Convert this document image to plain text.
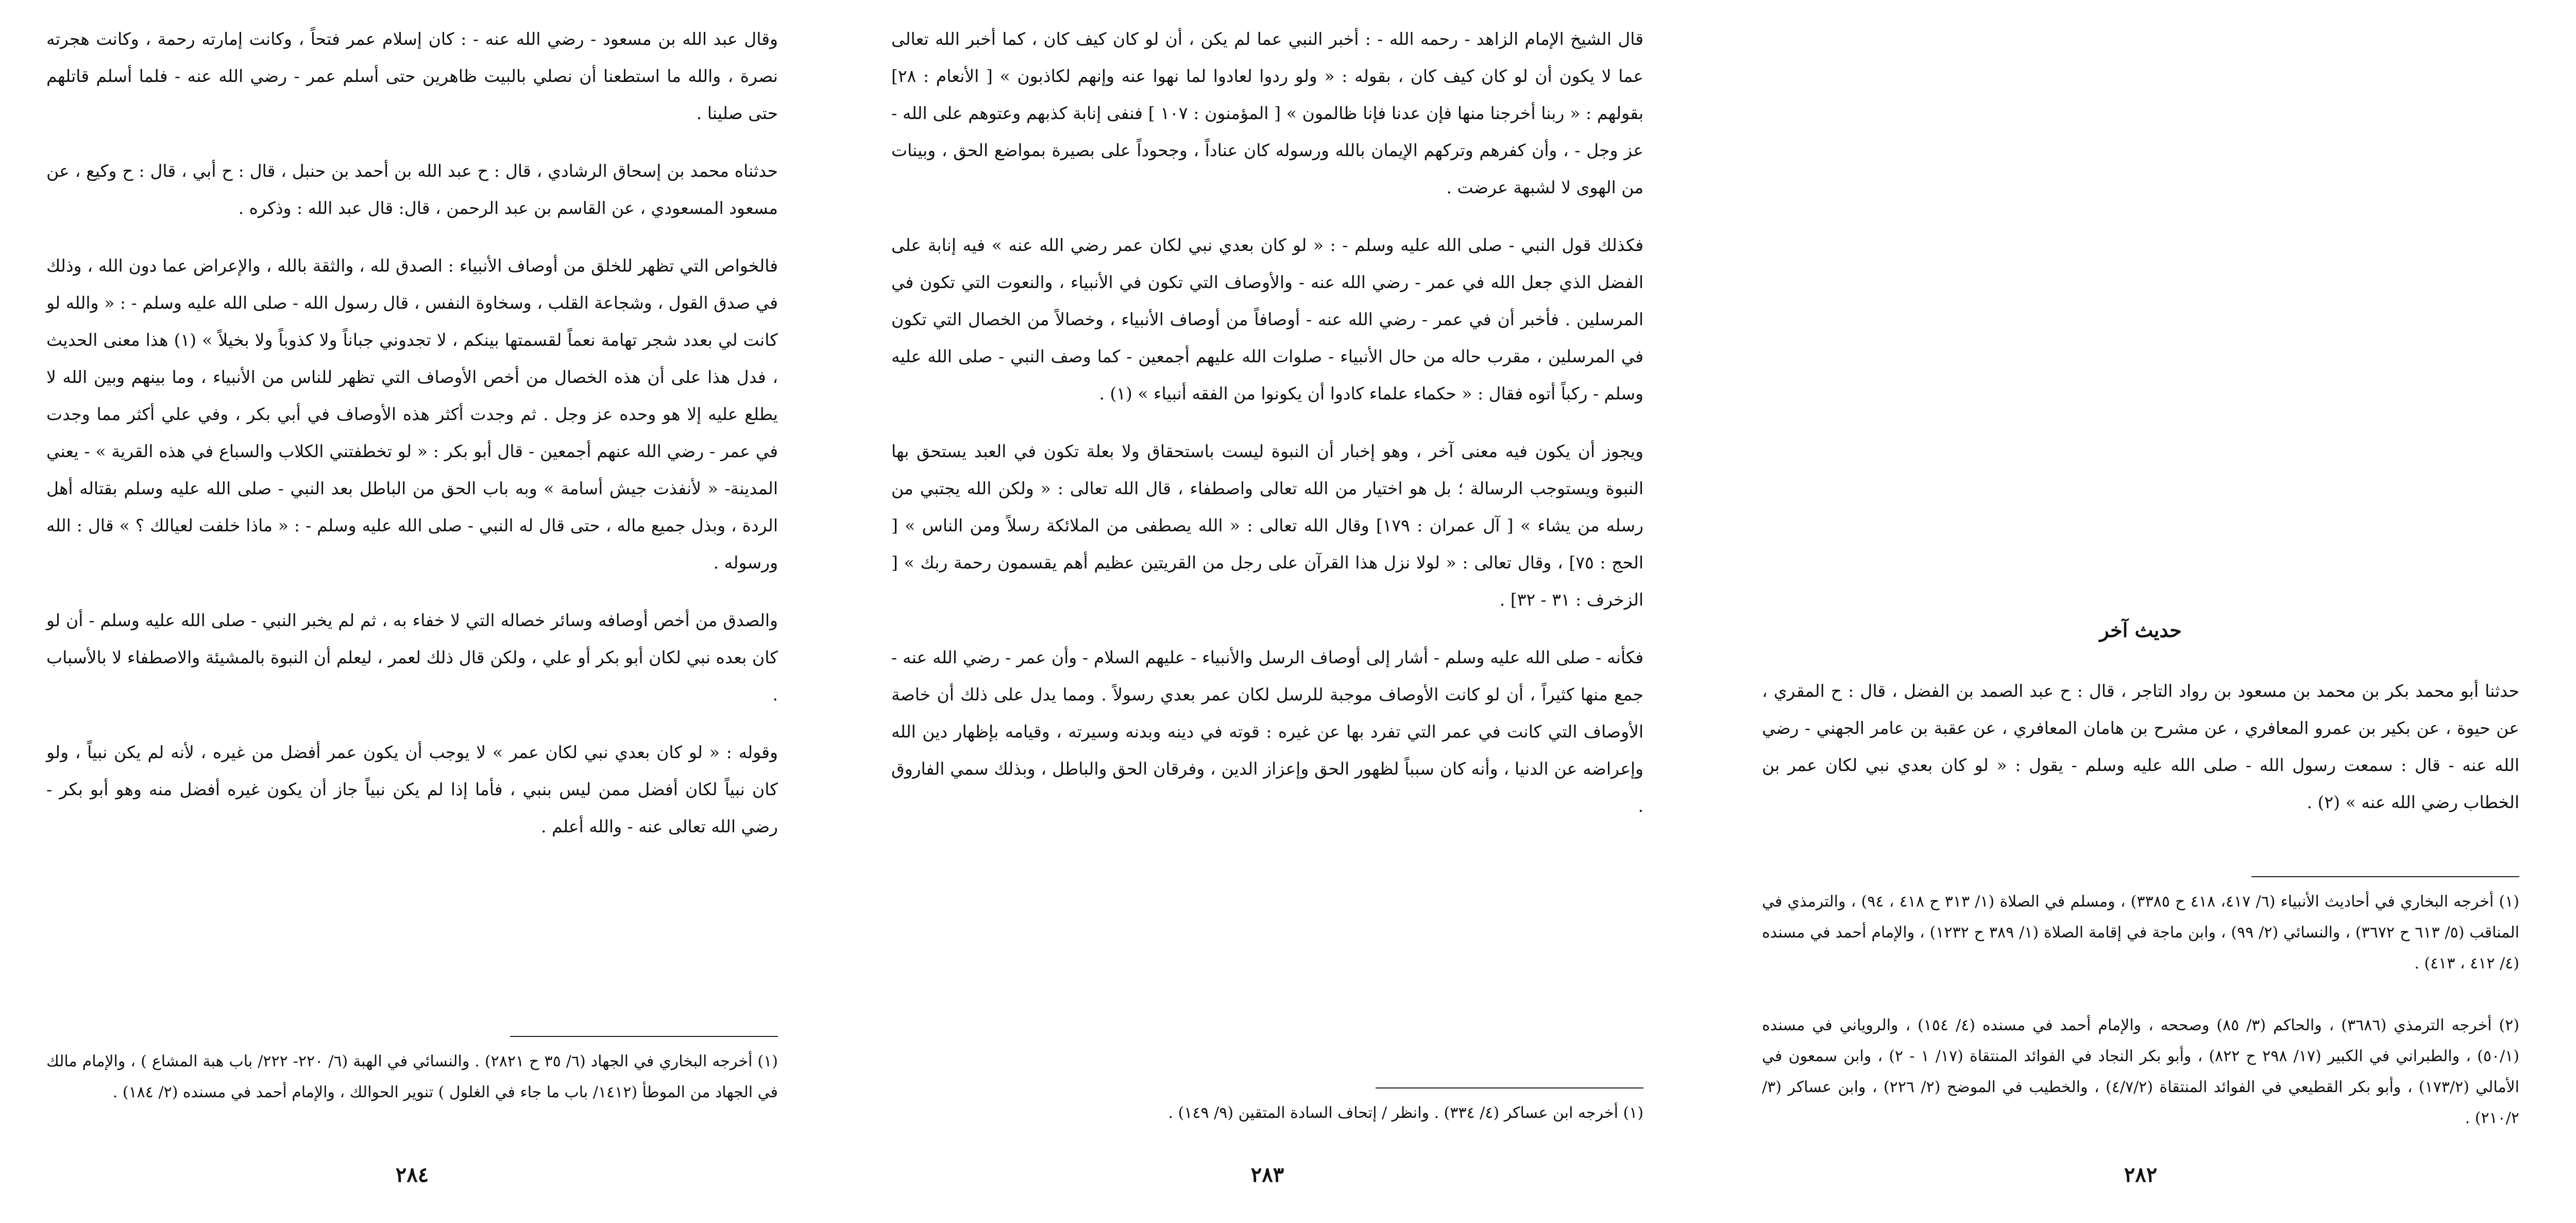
وقال عبد الله بن مسعود - رضي الله عنه - : كان إسلام عمر فتحاً ، وكانت إمارته رحمة ، وكانت هجرته نصرة ، والله ما استطعنا أن نصلي بالبيت ظاهرين حتى أسلم عمر - رضي الله عنه - فلما أسلم قاتلهم حتى صلينا .

حدثناه محمد بن إسحاق الرشادي ، قال : ح عبد الله بن أحمد بن حنبل ، قال : ح أبي ، قال : ح وكيع ، عن مسعود المسعودي ، عن القاسم بن عبد الرحمن ، قال: قال عبد الله : وذكره .

فالخواص التي تظهر للخلق من أوصاف الأنبياء : الصدق لله ، والثقة بالله ، والإعراض عما دون الله ، وذلك في صدق القول ، وشجاعة القلب ، وسخاوة النفس ، قال رسول الله - صلى الله عليه وسلم - : « والله لو كانت لي بعدد شجر تهامة نعماً لقسمتها بينكم ، لا تجدوني جباناً ولا كذوباً ولا بخيلاً » (١) هذا معنى الحديث ، فدل هذا على أن هذه الخصال من أخص الأوصاف التي تظهر للناس من الأنبياء ، وما بينهم وبين الله لا يطلع عليه إلا هو وحده عز وجل . ثم وجدت أكثر هذه الأوصاف في أبي بكر ، وفي علي أكثر مما وجدت في عمر - رضي الله عنهم أجمعين - قال أبو بكر : « لو تخطفتني الكلاب والسباع في هذه القرية » - يعني المدينة- « لأنفذت جيش أسامة » وبه باب الحق من الباطل بعد النبي - صلى الله عليه وسلم بقتاله أهل الردة ، وبذل جميع ماله ، حتى قال له النبي - صلى الله عليه وسلم - : « ماذا خلفت لعيالك ؟ » قال : الله ورسوله .

والصدق من أخص أوصافه وسائر خصاله التي لا خفاء به ، ثم لم يخبر النبي - صلى الله عليه وسلم - أن لو كان بعده نبي لكان أبو بكر أو علي ، ولكن قال ذلك لعمر ، ليعلم أن النبوة بالمشيئة والاصطفاء لا بالأسباب .

وقوله : « لو كان بعدي نبي لكان عمر » لا يوجب أن يكون عمر أفضل من غيره ، لأنه لم يكن نبياً ، ولو كان نبياً لكان أفضل ممن ليس بنبي ، فأما إذا لم يكن نبياً جاز أن يكون غيره أفضل منه وهو أبو بكر - رضي الله تعالى عنه - والله أعلم .

(١) أخرجه البخاري في الجهاد (٦/ ٣٥ ح ٢٨٢١) . والنسائي في الهبة (٦/ ٢٢٠- ٢٢٢/ باب هبة المشاع ) ، والإمام مالك في الجهاد من الموطأ (١٤١٢/ باب ما جاء في الغلول ) تنوير الحوالك ، والإمام أحمد في مسنده (٢/ ١٨٤) .
٢٨٤

قال الشيخ الإمام الزاهد - رحمه الله - : أخبر النبي عما لم يكن ، أن لو كان كيف كان ، كما أخبر الله تعالى عما لا يكون أن لو كان كيف كان ، بقوله : « ولو ردوا لعادوا لما نهوا عنه وإنهم لكاذبون » [ الأنعام : ٢٨] بقولهم : « ربنا أخرجنا منها فإن عدنا فإنا ظالمون » [ المؤمنون : ١٠٧ ] فنفى إنابة كذبهم وعتوهم على الله - عز وجل - ، وأن كفرهم وتركهم الإيمان بالله ورسوله كان عناداً ، وجحوداً على بصيرة بمواضع الحق ، وبينات من الهوى لا لشبهة عرضت .

فكذلك قول النبي - صلى الله عليه وسلم - : « لو كان بعدي نبي لكان عمر رضي الله عنه » فيه إنابة على الفضل الذي جعل الله في عمر - رضي الله عنه - والأوصاف التي تكون في الأنبياء ، والنعوت التي تكون في المرسلين . فأخبر أن في عمر - رضي الله عنه - أوصافاً من أوصاف الأنبياء ، وخصالاً من الخصال التي تكون في المرسلين ، مقرب حاله من حال الأنبياء - صلوات الله عليهم أجمعين - كما وصف النبي - صلى الله عليه وسلم - ركباً أتوه فقال : « حكماء علماء كادوا أن يكونوا من الفقه أنبياء » (١) .

ويجوز أن يكون فيه معنى آخر ، وهو إخبار أن النبوة ليست باستحقاق ولا بعلة تكون في العبد يستحق بها النبوة ويستوجب الرسالة ؛ بل هو اختيار من الله تعالى واصطفاء ، قال الله تعالى : « ولكن الله يجتبي من رسله من يشاء » [ آل عمران : ١٧٩] وقال الله تعالى : « الله يصطفى من الملائكة رسلاً ومن الناس » [ الحج : ٧٥] ، وقال تعالى : « لولا نزل هذا القرآن على رجل من القريتين عظيم أهم يقسمون رحمة ربك » [ الزخرف : ٣١ - ٣٢] .

فكأنه - صلى الله عليه وسلم - أشار إلى أوصاف الرسل والأنبياء - عليهم السلام - وأن عمر - رضي الله عنه - جمع منها كثيراً ، أن لو كانت الأوصاف موجبة للرسل لكان عمر بعدي رسولاً . ومما يدل على ذلك أن خاصة الأوصاف التي كانت في عمر التي تفرد بها عن غيره : قوته في دينه وبدنه وسيرته ، وقيامه بإظهار دين الله وإعراضه عن الدنيا ، وأنه كان سبباً لظهور الحق وإعزاز الدين ، وفرقان الحق والباطل ، وبذلك سمي الفاروق .

(١) أخرجه ابن عساكر (٤/ ٣٣٤) . وانظر / إتحاف السادة المتقين (٩/ ١٤٩) .
٢٨٣
حديث آخر

حدثنا أبو محمد بكر بن محمد بن مسعود بن رواد التاجر ، قال : ح عبد الصمد بن الفضل ، قال : ح المقري ، عن حيوة ، عن بكير بن عمرو المعافري ، عن مشرح بن هامان المعافري ، عن عقبة بن عامر الجهني - رضي الله عنه - قال : سمعت رسول الله - صلى الله عليه وسلم - يقول : « لو كان بعدي نبي لكان عمر بن الخطاب رضي الله عنه » (٢) .

(١) أخرجه البخاري في أحاديث الأنبياء (٦/ ٤١٧، ٤١٨ ح ٣٣٨٥) ، ومسلم في الصلاة (١/ ٣١٣ ح ٤١٨ ، ٩٤) ، والترمذي في المناقب (٥/ ٦١٣ ح ٣٦٧٢) ، والنسائي (٢/ ٩٩) ، وابن ماجة في إقامة الصلاة (١/ ٣٨٩ ح ١٢٣٢) ، والإمام أحمد في مسنده (٤/ ٤١٢ ، ٤١٣) .
(٢) أخرجه الترمذي (٣٦٨٦) ، والحاكم (٣/ ٨٥) وصححه ، والإمام أحمد في مسنده (٤/ ١٥٤) ، والروياني في مسنده (٥٠/١) ، والطبراني في الكبير (١٧/ ٢٩٨ ح ٨٢٢) ، وأبو بكر النجاد في الفوائد المنتقاة (١٧/ ١ - ٢) ، وابن سمعون في الأمالي (١٧٣/٢) ، وأبو بكر القطيعي في الفوائد المنتقاة (٤/٧/٢) ، والخطيب في الموضح (٢/ ٢٢٦) ، وابن عساكر (٣/ ٢١٠/٢) .
٢٨٢
